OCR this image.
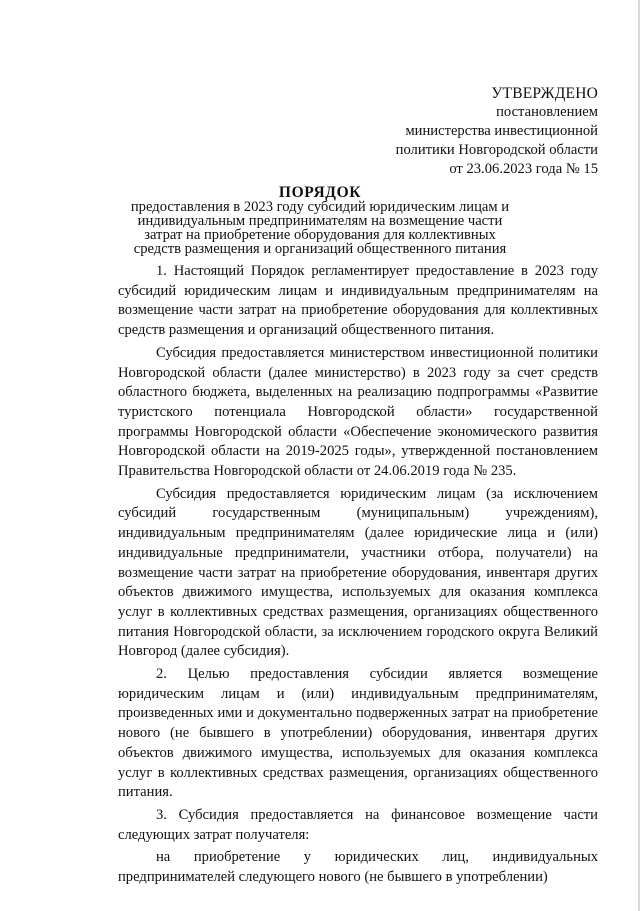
УТВЕРЖДЕНО
постановлением
министерства инвестиционной
политики Новгородской области
от 23.06.2023 года № 15
ПОРЯДОК
предоставления в 2023 году субсидий юридическим лицам и индивидуальным предпринимателям на возмещение части затрат на приобретение оборудования для коллективных средств размещения и организаций общественного питания

1. Настоящий Порядок регламентирует предоставление в 2023 году субсидий юридическим лицам и индивидуальным предпринимателям на возмещение части затрат на приобретение оборудования для коллективных средств размещения и организаций общественного питания.

Субсидия предоставляется министерством инвестиционной политики Новгородской области (далее министерство) в 2023 году за счет средств областного бюджета, выделенных на реализацию подпрограммы «Развитие туристского потенциала Новгородской области» государственной программы Новгородской области «Обеспечение экономического развития Новгородской области на 2019-2025 годы», утвержденной постановлением Правительства Новгородской области от 24.06.2019 года № 235.

Субсидия предоставляется юридическим лицам (за исключением субсидий государственным (муниципальным) учреждениям), индивидуальным предпринимателям (далее юридические лица и (или) индивидуальные предприниматели, участники отбора, получатели) на возмещение части затрат на приобретение оборудования, инвентаря других объектов движимого имущества, используемых для оказания комплекса услуг в коллективных средствах размещения, организациях общественного питания Новгородской области, за исключением городского округа Великий Новгород (далее субсидия).

2. Целью предоставления субсидии является возмещение юридическим лицам и (или) индивидуальным предпринимателям, произведенных ими и документально подверженных затрат на приобретение нового (не бывшего в употреблении) оборудования, инвентаря других объектов движимого имущества, используемых для оказания комплекса услуг в коллективных средствах размещения, организациях общественного питания.

3. Субсидия предоставляется на финансовое возмещение части следующих затрат получателя:

на приобретение у юридических лиц, индивидуальных предпринимателей следующего нового (не бывшего в употреблении)
